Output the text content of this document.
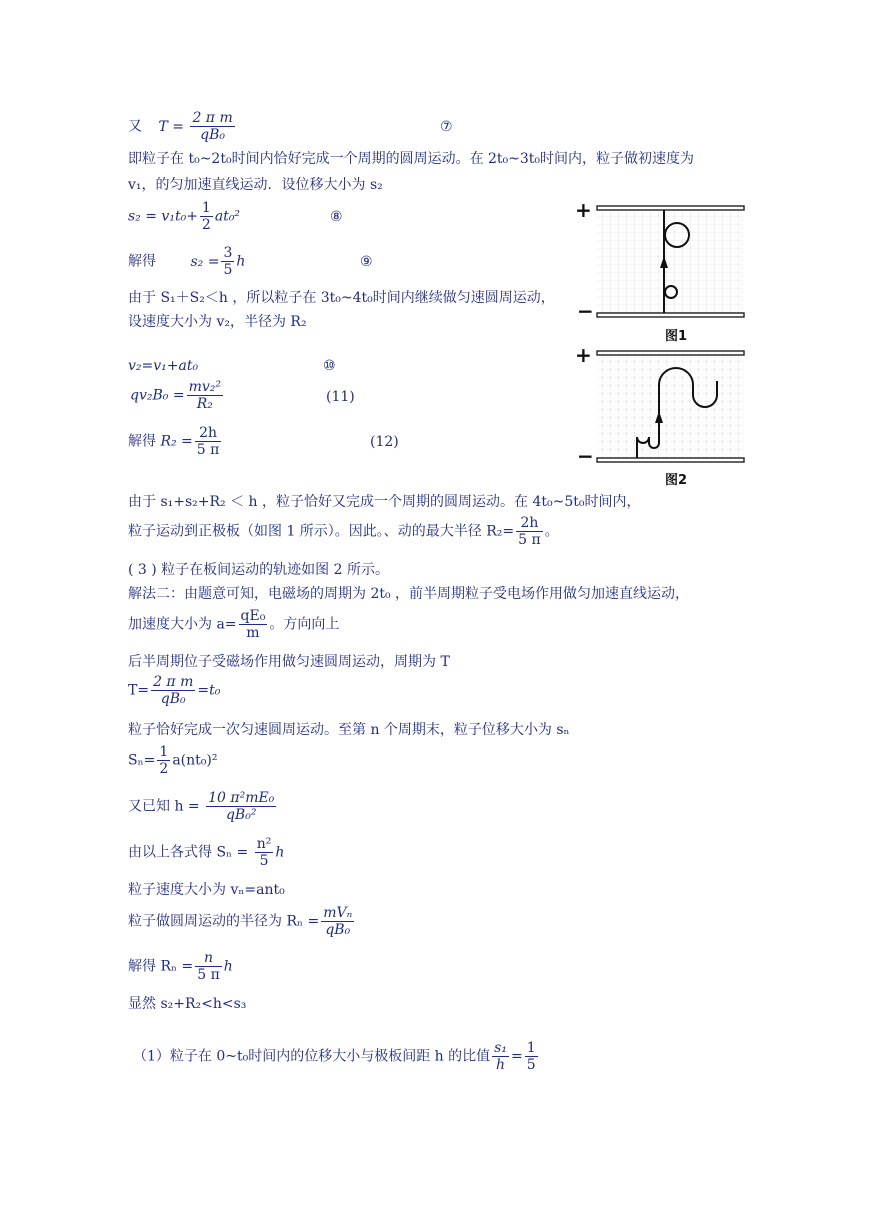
又 $T = \frac{\text{2 π m}}{\text{qB₀}}$	⑦
即粒子在 t₀~2t₀时间内恰好完成一个周期的圆周运动。在 2t₀~3t₀时间内，粒子做初速度为
v₁，的匀加速直线运动．设位移大小为 s₂
$s_2 = v_1t_0+ \frac{1}{2} at_0^2$	⑧
解得 $s_2 = \frac{3}{5}$ h	⑨
由于 S₁＋S₂＜h ，所以粒子在 3t₀~4t₀时间内继续做匀速圆周运动，
设速度大小为 v₂，半径为 R₂
v₂=v₁+at₀	⑩
$qv_2B_0 = \frac{\text{mv₂²}}{\text{R₂}}$	(11)
解得 $R_2 = \frac{2h}{5 \pi}$	(12)
由于 s₁+s₂+R₂ ＜ h ，粒子恰好又完成一个周期的圆周运动。在 4t₀~5t₀时间内，
粒子运动到正极板（如图 1 所示）。因此。、动的最大半径 $R_2= \frac{2h}{5 \pi}$ 。
( 3 ) 粒子在板间运动的轨迹如图 2 所示。
解法二：由题意可知，电磁场的周期为 2t₀ ，前半周期粒子受电场作用做匀加速直线运动，
加速度大小为 $a= \frac{\text{qE₀}}{m}$ 。方向向上
后半周期位子受磁场作用做匀速圆周运动，周期为 T
$T= \frac{\text{2 π m}}{\text{qB₀}} =t_0$
粒子恰好完成一次匀速圆周运动。至第 n 个周期末，粒子位移大小为 sₙ
$S_n= \frac{1}{2} a(nt_0)^2$
又已知 $h = \frac{\text{10 π²mE₀}}{\text{qB₀²}}$
由以上各式得 $S_n = \frac{\text{n²}}{5}$ h
粒子速度大小为 vₙ=ant₀
粒子做圆周运动的半径为 $R_n = \frac{\text{mVₙ}}{\text{qB₀}}$
解得 $R_n = \frac{n}{5 \pi}$ h
显然 s₂+R₂<h<s₃
（1）粒子在 0~t₀时间内的位移大小与极板间距 h 的比值 $\frac{\text{s₁}}{h} = \frac{1}{5}$
+
−
图1
+
−
图2
